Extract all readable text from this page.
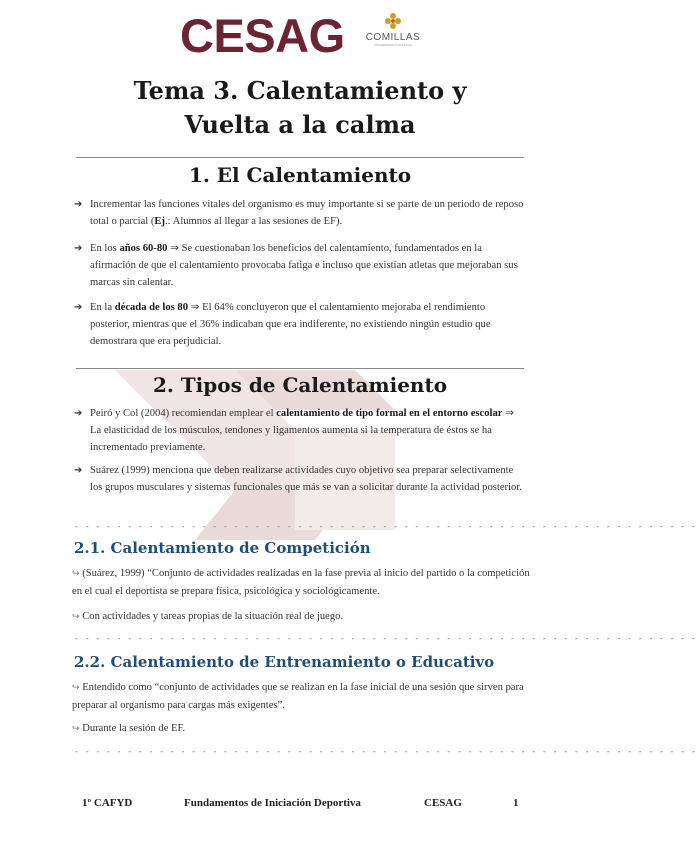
CESAG	COMILLAS
UNIVERSIDAD PONTIFICIA
Tema 3. Calentamiento y
Vuelta a la calma
1. El Calentamiento
➔ Incrementar las funciones vitales del organismo es muy importante si se parte de un periodo de reposo total o parcial (Ej.: Alumnos al llegar a las sesiones de EF).
➔ En los años 60-80 ⇒ Se cuestionaban los beneficios del calentamiento, fundamentados en la afirmación de que el calentamiento provocaba fatiga e incluso que existían atletas que mejoraban sus marcas sin calentar.
➔ En la década de los 80 ⇒ El 64% concluyeron que el calentamiento mejoraba el rendimiento posterior, mientras que el 36% indicaban que era indiferente, no existiendo ningún estudio que demostrara que era perjudicial.
2. Tipos de Calentamiento
➔ Peiró y Col (2004) recomiendan emplear el calentamiento de tipo formal en el entorno escolar ⇒ La elasticidad de los músculos, tendones y ligamentos aumenta si la temperatura de éstos se ha incrementado previamente.
➔ Suárez (1999) menciona que deben realizarse actividades cuyo objetivo sea preparar selectivamente los grupos musculares y sistemas funcionales que más se van a solicitar durante la actividad posterior.
- - - - - - - - - - - - - - - - - - - - - - - - - - - - - - - - - - - - - - - - - - - - - - - - - - - - - - - - - - -
2.1. Calentamiento de Competición
↪ (Suárez, 1999) “Conjunto de actividades realizadas en la fase previa al inicio del partido o la competición en el cual el deportista se prepara física, psicológica y sociológicamente.
↪ Con actividades y tareas propias de la situación real de juego.
- - - - - - - - - - - - - - - - - - - - - - - - - - - - - - - - - - - - - - - - - - - - - - - - - - - - - - - - - - -
2.2. Calentamiento de Entrenamiento o Educativo
↪ Entendido como “conjunto de actividades que se realizan en la fase inicial de una sesión que sirven para preparar al organismo para cargas más exigentes”.
↪ Durante la sesión de EF.
- - - - - - - - - - - - - - - - - - - - - - - - - - - - - - - - - - - - - - - - - - - - - - - - - - - - - - - - - - -
1º CAFYD	Fundamentos de Iniciación Deportiva	CESAG	1
